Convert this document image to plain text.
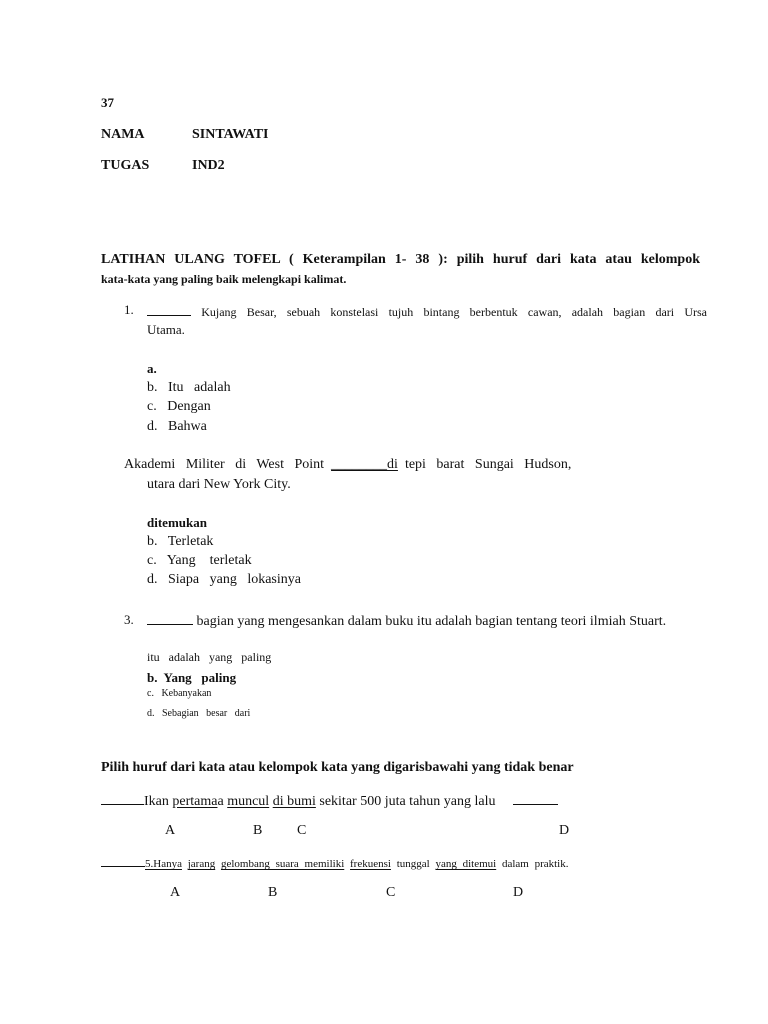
37
NAMA	SINTAWATI
TUGAS	IND2
LATIHAN ULANG TOFEL ( Keterampilan 1- 38 ): pilih huruf dari kata atau kelompok
kata-kata yang paling baik melengkapi kalimat.
1.	Kujang Besar, sebuah konstelasi tujuh bintang berbentuk cawan, adalah bagian dari Ursa
Utama.
a.
b.   Itu   adalah
c.   Dengan
d.   Bahwa
Akademi   Militer   di   West   Point ________di tepi   barat   Sungai   Hudson,
utara dari New York City.
ditemukan
b.   Terletak
c.   Yang    terletak
d.   Siapa   yang   lokasinya
3.	bagian yang mengesankan dalam buku itu adalah bagian tentang teori ilmiah Stuart.
itu   adalah   yang   paling
b.  Yang   paling
c.   Kebanyakan
d.   Sebagian   besar   dari
Pilih huruf dari kata atau kelompok kata yang digarisbawahi yang tidak benar
Ikan pertamaa muncul di bumi sekitar 500 juta tahun yang lalu
A	B C	D
5.Hanya jarang gelombang suara memiliki frekuensi tunggal yang ditemui dalam praktik.
A	B	C	D
